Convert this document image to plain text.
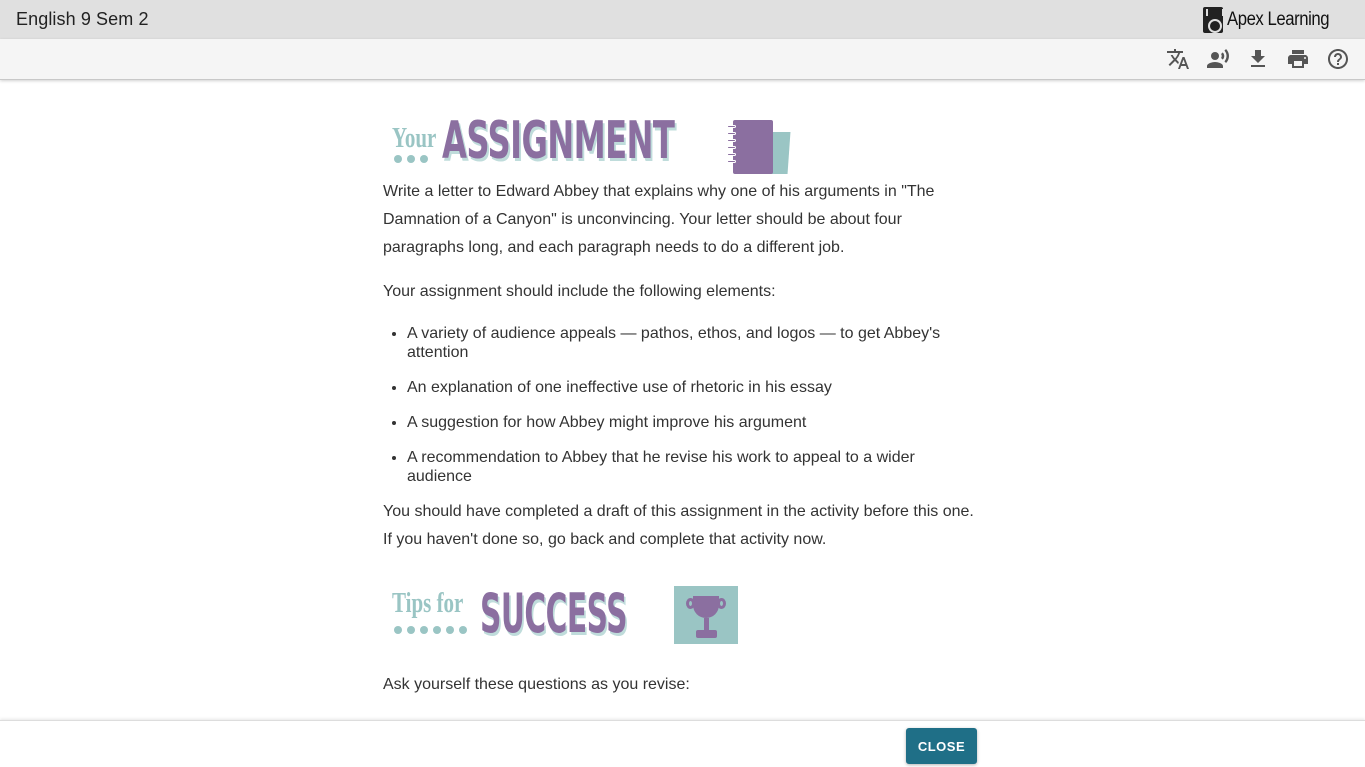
English 9 Sem 2	Apex Learning
Your ASSIGNMENT

Write a letter to Edward Abbey that explains why one of his arguments in "The Damnation of a Canyon" is unconvincing. Your letter should be about four paragraphs long, and each paragraph needs to do a different job.

Your assignment should include the following elements:

• A variety of audience appeals — pathos, ethos, and logos — to get Abbey's attention
• An explanation of one ineffective use of rhetoric in his essay
• A suggestion for how Abbey might improve his argument
• A recommendation to Abbey that he revise his work to appeal to a wider audience

You should have completed a draft of this assignment in the activity before this one. If you haven't done so, go back and complete that activity now.

Tips for SUCCESS

Ask yourself these questions as you revise:

CLOSE
